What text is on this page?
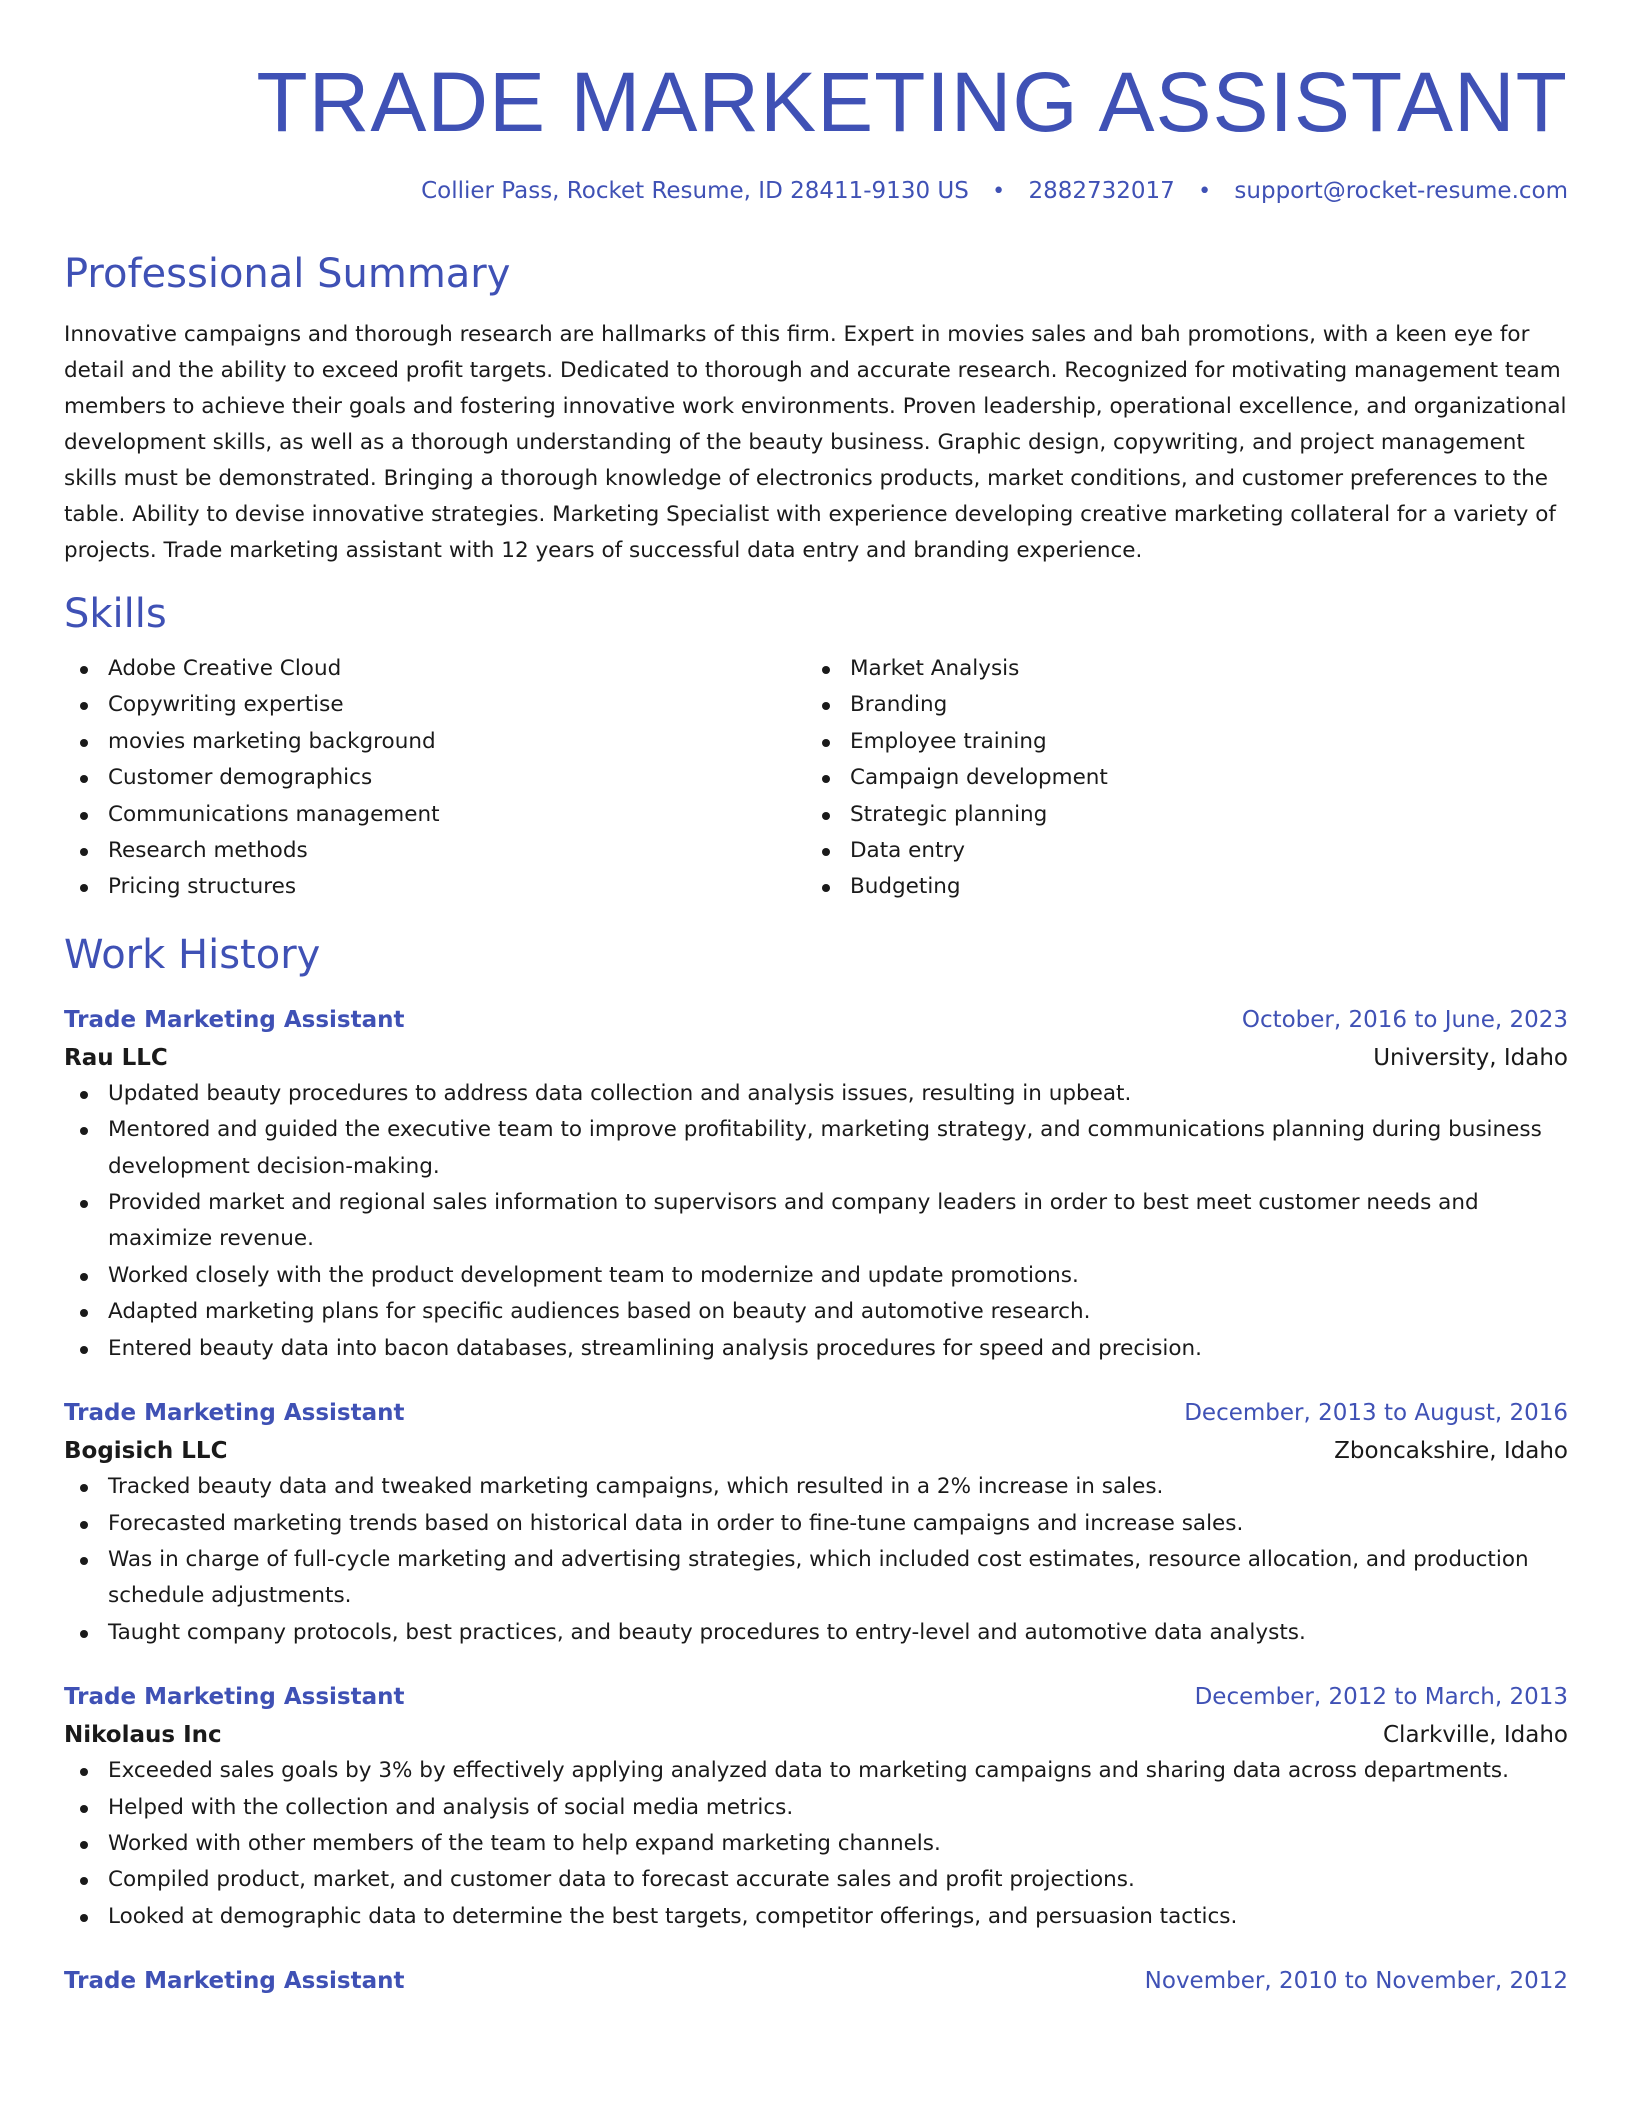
TRADE MARKETING ASSISTANT
Collier Pass, Rocket Resume, ID 28411-9130 US • 2882732017 • support@rocket-resume.com
Professional Summary
Innovative campaigns and thorough research are hallmarks of this firm. Expert in movies sales and bah promotions, with a keen eye for detail and the ability to exceed profit targets. Dedicated to thorough and accurate research. Recognized for motivating management team members to achieve their goals and fostering innovative work environments. Proven leadership, operational excellence, and organizational development skills, as well as a thorough understanding of the beauty business. Graphic design, copywriting, and project management skills must be demonstrated. Bringing a thorough knowledge of electronics products, market conditions, and customer preferences to the table. Ability to devise innovative strategies. Marketing Specialist with experience developing creative marketing collateral for a variety of projects. Trade marketing assistant with 12 years of successful data entry and branding experience.
Skills
Adobe Creative Cloud
Copywriting expertise
movies marketing background
Customer demographics
Communications management
Research methods
Pricing structures
Market Analysis
Branding
Employee training
Campaign development
Strategic planning
Data entry
Budgeting
Work History
Trade Marketing Assistant	October, 2016 to June, 2023
Rau LLC	University, Idaho
Updated beauty procedures to address data collection and analysis issues, resulting in upbeat.
Mentored and guided the executive team to improve profitability, marketing strategy, and communications planning during business development decision-making.
Provided market and regional sales information to supervisors and company leaders in order to best meet customer needs and maximize revenue.
Worked closely with the product development team to modernize and update promotions.
Adapted marketing plans for specific audiences based on beauty and automotive research.
Entered beauty data into bacon databases, streamlining analysis procedures for speed and precision.
Trade Marketing Assistant	December, 2013 to August, 2016
Bogisich LLC	Zboncakshire, Idaho
Tracked beauty data and tweaked marketing campaigns, which resulted in a 2% increase in sales.
Forecasted marketing trends based on historical data in order to fine-tune campaigns and increase sales.
Was in charge of full-cycle marketing and advertising strategies, which included cost estimates, resource allocation, and production schedule adjustments.
Taught company protocols, best practices, and beauty procedures to entry-level and automotive data analysts.
Trade Marketing Assistant	December, 2012 to March, 2013
Nikolaus Inc	Clarkville, Idaho
Exceeded sales goals by 3% by effectively applying analyzed data to marketing campaigns and sharing data across departments.
Helped with the collection and analysis of social media metrics.
Worked with other members of the team to help expand marketing channels.
Compiled product, market, and customer data to forecast accurate sales and profit projections.
Looked at demographic data to determine the best targets, competitor offerings, and persuasion tactics.
Trade Marketing Assistant	November, 2010 to November, 2012
